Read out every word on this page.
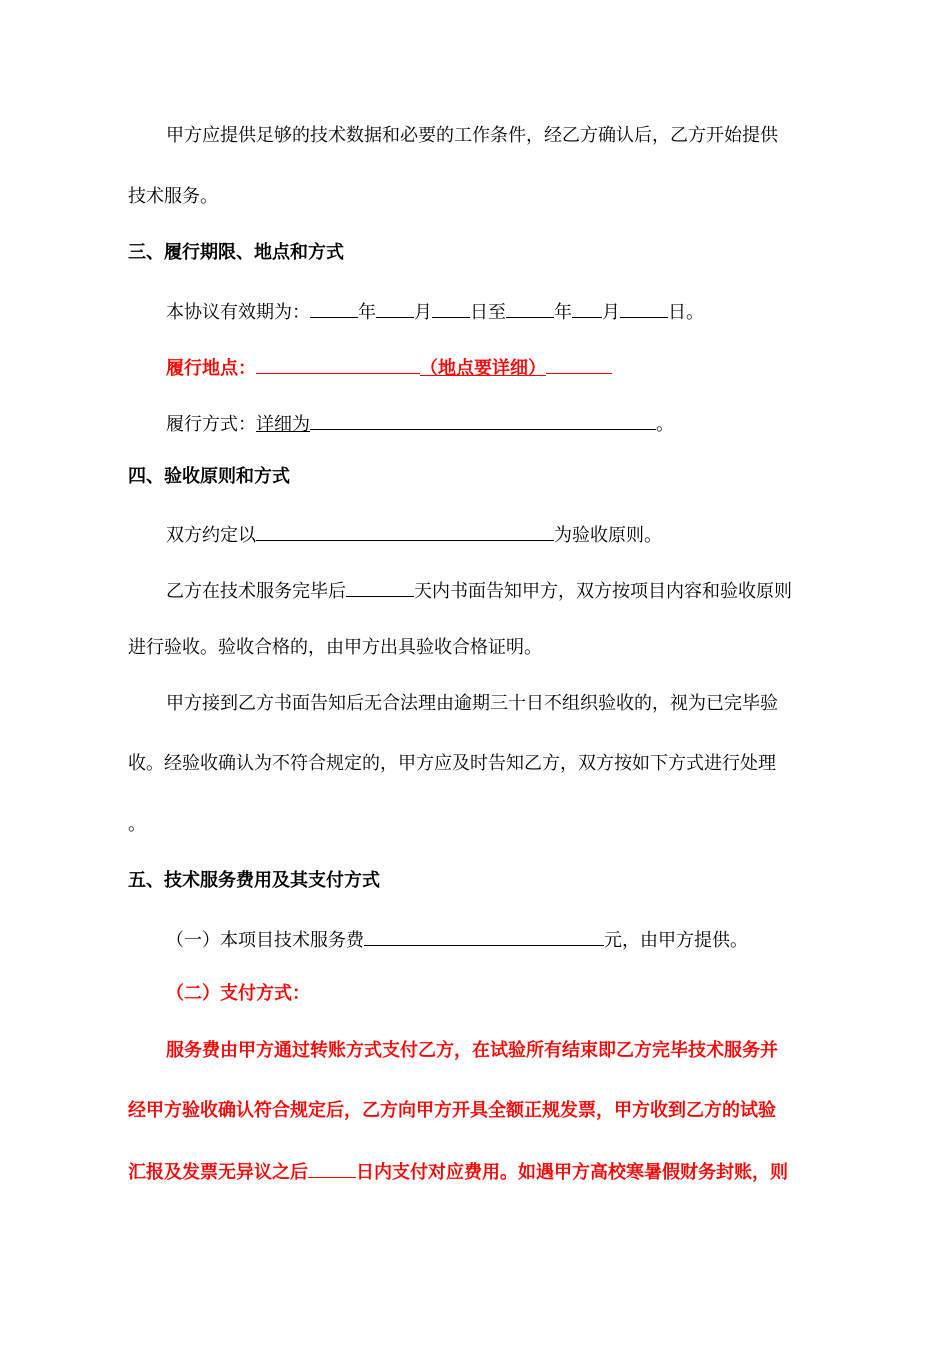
甲方应提供足够的技术数据和必要的工作条件，经乙方确认后，乙方开始提供
技术服务。
三、履行期限、地点和方式
本协议有效期为：	年 月 日至	年 月	日。
履行地点：	（地点要详细）
履行方式：详细为	。
四、验收原则和方式
双方约定以	为验收原则。
乙方在技术服务完毕后	天内书面告知甲方，双方按项目内容和验收原则
进行验收。验收合格的，由甲方出具验收合格证明。
甲方接到乙方书面告知后无合法理由逾期三十日不组织验收的，视为已完毕验
收。经验收确认为不符合规定的，甲方应及时告知乙方，双方按如下方式进行处理
。
五、技术服务费用及其支付方式
（一）本项目技术服务费	元，由甲方提供。
（二）支付方式：
服务费由甲方通过转账方式支付乙方，在试验所有结束即乙方完毕技术服务并
经甲方验收确认符合规定后，乙方向甲方开具全额正规发票，甲方收到乙方的试验
汇报及发票无异议之后	日内支付对应费用。如遇甲方高校寒暑假财务封账，则
